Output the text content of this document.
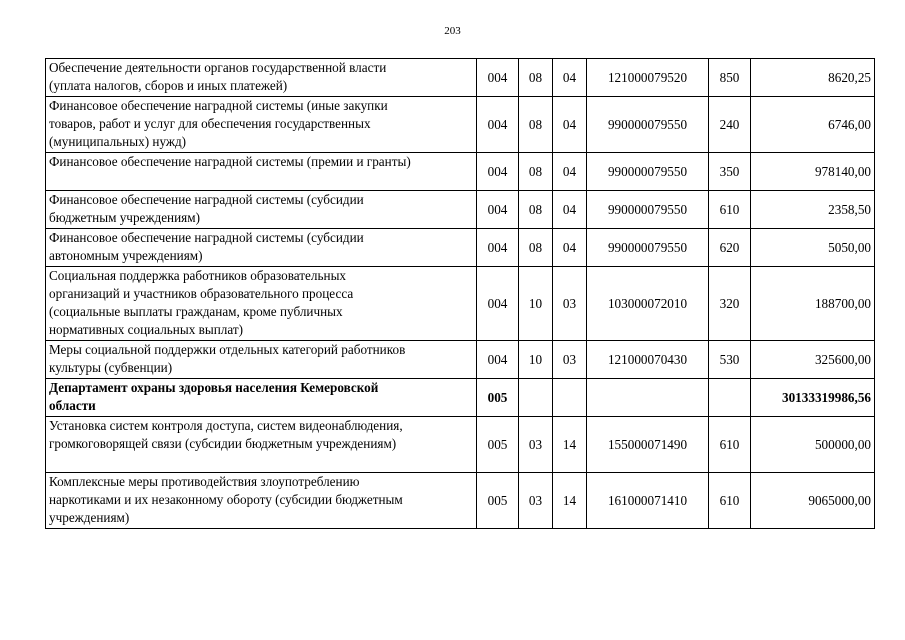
203
Обеспечение деятельности органов государственной власти
(уплата налогов, сборов и иных платежей)	004	08	04	121000079520	850	8620,25

Финансовое обеспечение наградной системы (иные закупки
товаров, работ и услуг для обеспечения государственных
(муниципальных) нужд)	004	08	04	990000079550	240	6746,00

Финансовое обеспечение наградной системы (премии и гранты)	004	08	04	990000079550	350	978140,00

Финансовое обеспечение наградной системы (субсидии
бюджетным учреждениям)	004	08	04	990000079550	610	2358,50

Финансовое обеспечение наградной системы (субсидии
автономным учреждениям)	004	08	04	990000079550	620	5050,00

Социальная поддержка работников образовательных
организаций и участников образовательного процесса
(социальные выплаты гражданам, кроме публичных
нормативных социальных выплат)	004	10	03	103000072010	320	188700,00

Меры социальной поддержки отдельных категорий работников
культуры (субвенции)	004	10	03	121000070430	530	325600,00

Департамент охраны здоровья населения Кемеровской
области	005					30133319986,56

Установка систем контроля доступа, систем видеонаблюдения,
громкоговорящей связи (субсидии бюджетным учреждениям)	005	03	14	155000071490	610	500000,00

Комплексные меры противодействия злоупотреблению
наркотиками и их незаконному обороту (субсидии бюджетным
учреждениям)	005	03	14	161000071410	610	9065000,00
